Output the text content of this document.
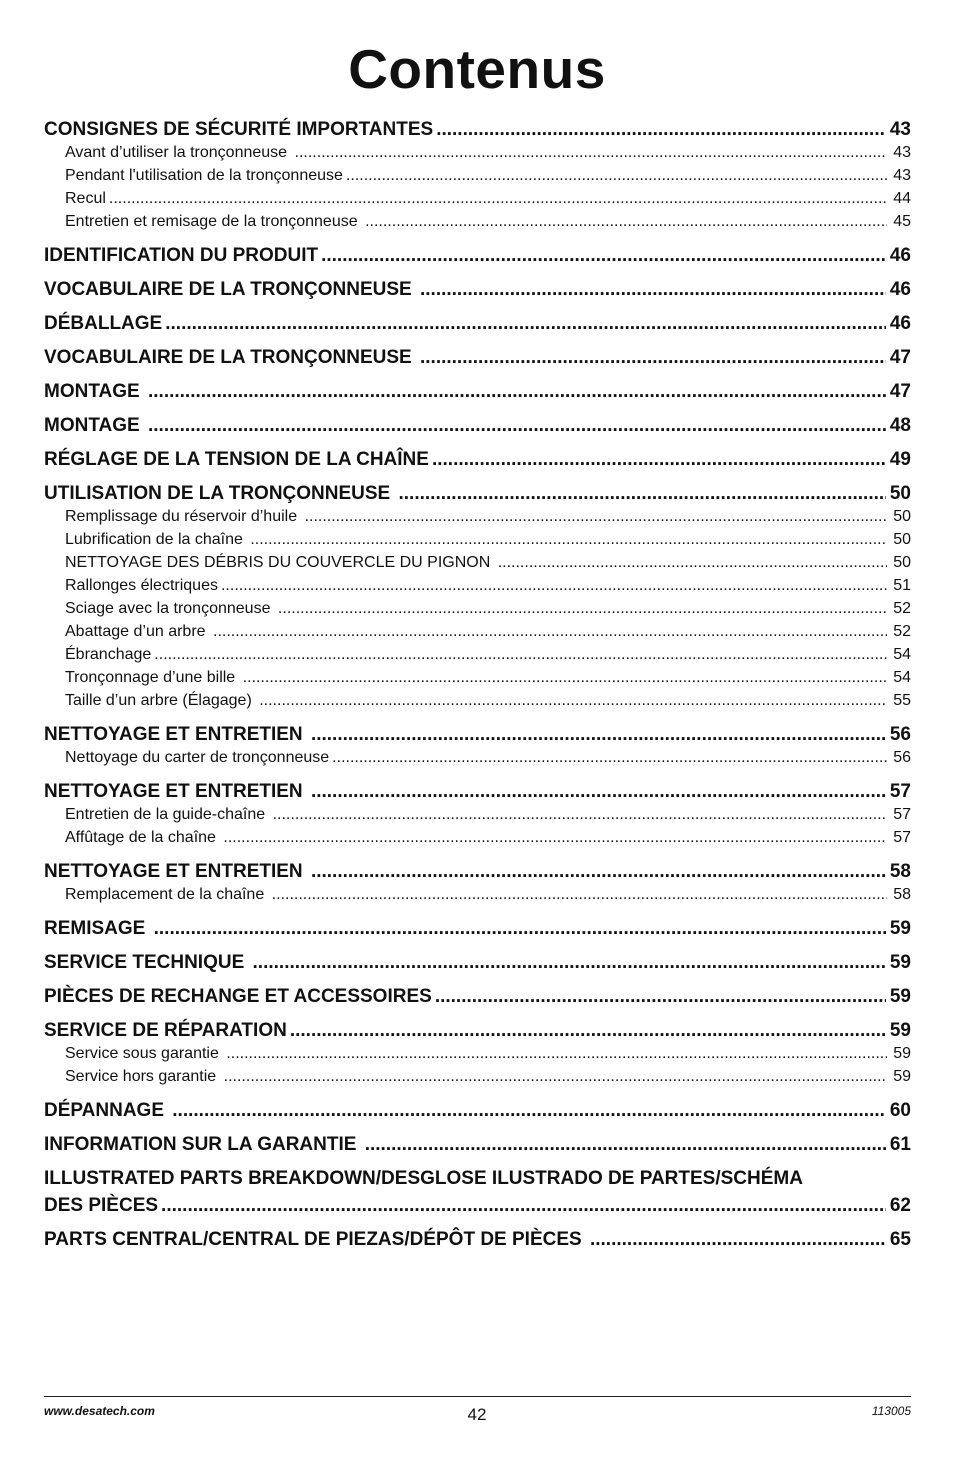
Contenus
CONSIGNES DE SÉCURITÉ IMPORTANTES .....	43
Avant d’utiliser la tronçonneuse .....	43
Pendant l'utilisation de la tronçonneuse .....	43
Recul .....	44
Entretien et remisage de la tronçonneuse .....	45
IDENTIFICATION DU PRODUIT .....	46
VOCABULAIRE DE LA TRONÇONNEUSE .....	46
DÉBALLAGE .....	46
VOCABULAIRE DE LA TRONÇONNEUSE .....	47
MONTAGE .....	47
MONTAGE .....	48
RÉGLAGE DE LA TENSION DE LA CHAÎNE .....	49
UTILISATION DE LA TRONÇONNEUSE .....	50
Remplissage du réservoir d’huile .....	50
Lubrification de la chaîne .....	50
NETTOYAGE DES DÉBRIS DU COUVERCLE DU PIGNON .....	50
Rallonges électriques .....	51
Sciage avec la tronçonneuse .....	52
Abattage d’un arbre .....	52
Ébranchage .....	54
Tronçonnage d’une bille .....	54
Taille d’un arbre (Élagage) .....	55
NETTOYAGE ET ENTRETIEN .....	56
Nettoyage du carter de tronçonneuse .....	56
NETTOYAGE ET ENTRETIEN .....	57
Entretien de la guide-chaîne .....	57
Affûtage de la chaîne .....	57
NETTOYAGE ET ENTRETIEN .....	58
Remplacement de la chaîne .....	58
REMISAGE .....	59
SERVICE TECHNIQUE .....	59
PIÈCES DE RECHANGE ET ACCESSOIRES .....	59
SERVICE DE RÉPARATION .....	59
Service sous garantie .....	59
Service hors garantie .....	59
DÉPANNAGE .....	60
INFORMATION SUR LA GARANTIE .....	61
ILLUSTRATED PARTS BREAKDOWN/DESGLOSE ILUSTRADO DE PARTES/SCHÉMA
DES PIÈCES .....	62
PARTS CENTRAL/CENTRAL DE PIEZAS/DÉPÔT DE PIÈCES .....	65
www.desatech.com	42	113005
